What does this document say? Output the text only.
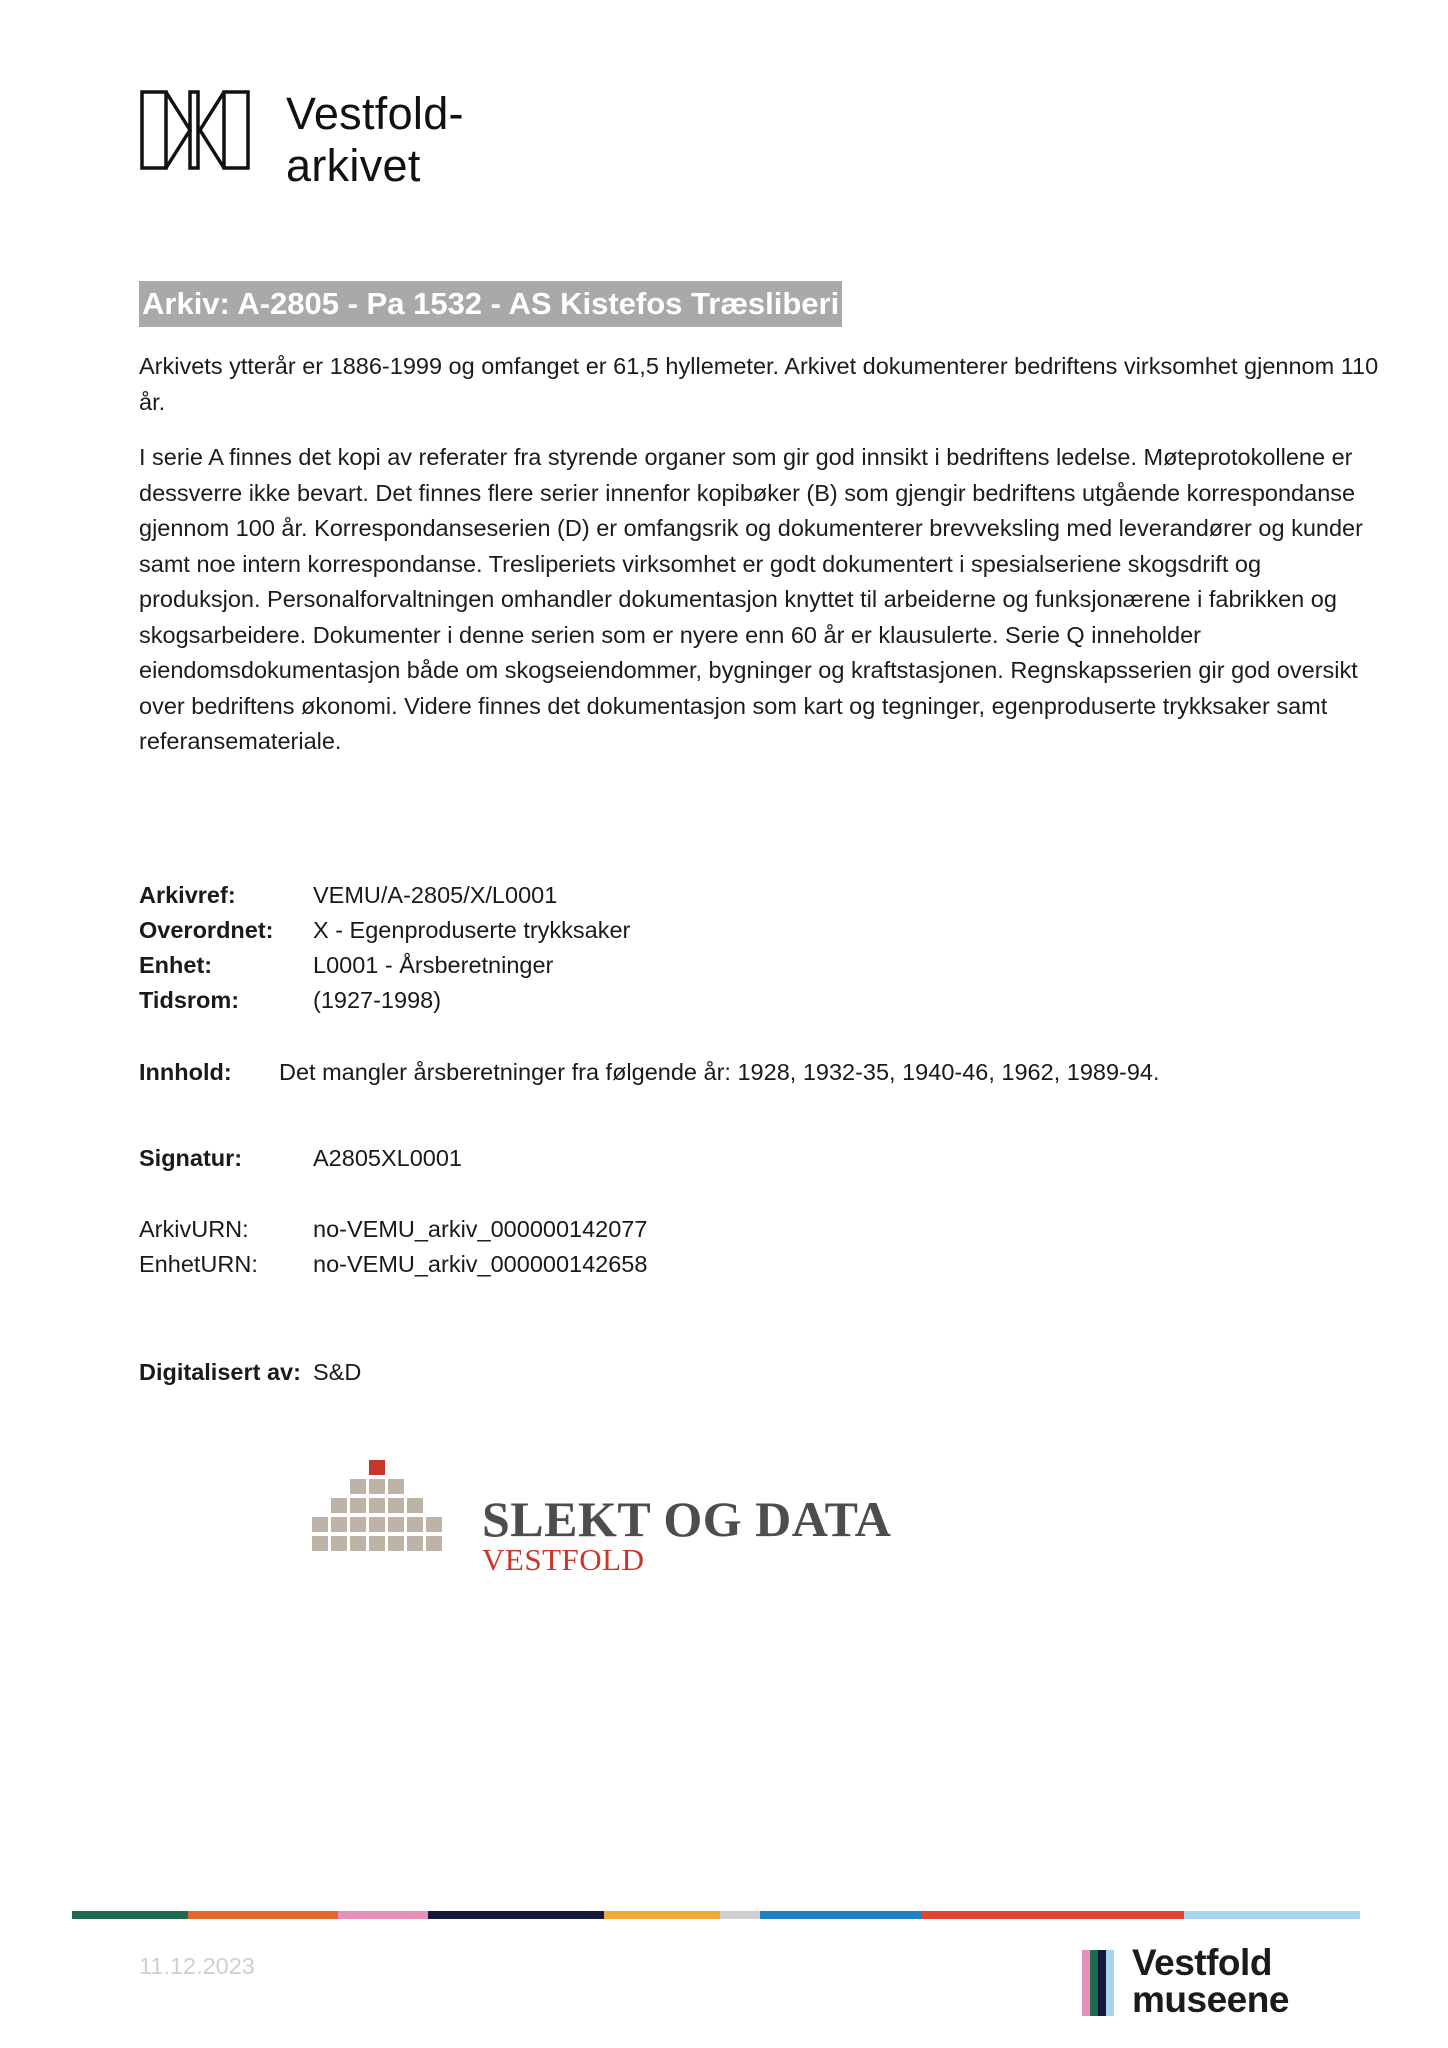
Vestfold-
arkivet
Arkiv: A-2805 - Pa 1532 - AS Kistefos Træsliberi
Arkivets ytterår er 1886-1999 og omfanget er 61,5 hyllemeter. Arkivet dokumenterer bedriftens virksomhet gjennom 110 år.
I serie A finnes det kopi av referater fra styrende organer som gir god innsikt i bedriftens ledelse. Møteprotokollene er dessverre ikke bevart. Det finnes flere serier innenfor kopibøker (B) som gjengir bedriftens utgående korrespondanse gjennom 100 år. Korrespondanseserien (D) er omfangsrik og dokumenterer brevveksling med leverandører og kunder samt noe intern korrespondanse. Tresliperiets virksomhet er godt dokumentert i spesialseriene skogsdrift og produksjon. Personalforvaltningen omhandler dokumentasjon knyttet til arbeiderne og funksjonærene i fabrikken og skogsarbeidere. Dokumenter i denne serien som er nyere enn 60 år er klausulerte. Serie Q inneholder eiendomsdokumentasjon både om skogseiendommer, bygninger og kraftstasjonen. Regnskapsserien gir god oversikt over bedriftens økonomi. Videre finnes det dokumentasjon som kart og tegninger, egenproduserte trykksaker samt referansemateriale.
Arkivref:	VEMU/A-2805/X/L0001
Overordnet: X - Egenproduserte trykksaker
Enhet:	L0001 - Årsberetninger
Tidsrom:	(1927-1998)
Innhold: Det mangler årsberetninger fra følgende år: 1928, 1932-35, 1940-46, 1962, 1989-94.
Signatur:	A2805XL0001
ArkivURN:	no-VEMU_arkiv_000000142077
EnhetURN: no-VEMU_arkiv_000000142658
Digitalisert av: S&D
SLEKT OG DATA
VESTFOLD
11.12.2023	Vestfold
museene
